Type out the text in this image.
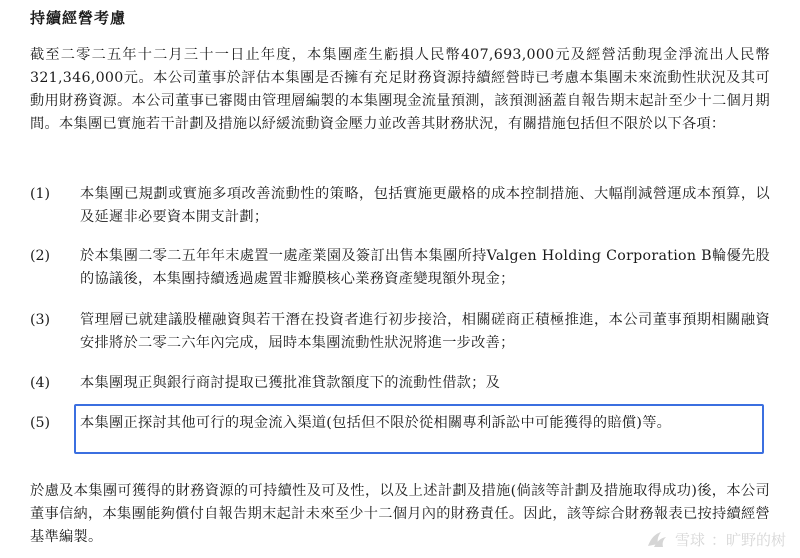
持續經營考慮

截至二零二五年十二月三十一日止年度，本集團產生虧損人民幣407,693,000元及經營活動現金淨流出人民幣321,346,000元。本公司董事於評估本集團是否擁有充足財務資源持續經營時已考慮本集團未來流動性狀況及其可動用財務資源。本公司董事已審閱由管理層編製的本集團現金流量預測，該預測涵蓋自報告期末起計至少十二個月期間。本集團已實施若干計劃及措施以紓緩流動資金壓力並改善其財務狀況，有關措施包括但不限於以下各項：

(1)	本集團已規劃或實施多項改善流動性的策略，包括實施更嚴格的成本控制措施、大幅削減營運成本預算，以及延遲非必要資本開支計劃；
(2)	於本集團二零二五年年末處置一處產業園及簽訂出售本集團所持Valgen Holding Corporation B輪優先股的協議後，本集團持續透過處置非瓣膜核心業務資產變現額外現金；
(3)	管理層已就建議股權融資與若干潛在投資者進行初步接洽，相關磋商正積極推進，本公司董事預期相關融資安排將於二零二六年內完成，屆時本集團流動性狀況將進一步改善；
(4)	本集團現正與銀行商討提取已獲批准貸款額度下的流動性借款；及
(5)	本集團正探討其他可行的現金流入渠道(包括但不限於從相關專利訴訟中可能獲得的賠償)等。

於慮及本集團可獲得的財務資源的可持續性及可及性，以及上述計劃及措施(倘該等計劃及措施取得成功)後，本公司董事信納，本集團能夠償付自報告期末起計未來至少十二個月內的財務責任。因此，該等綜合財務報表已按持續經營基準編製。	雪球 ：旷野的树
